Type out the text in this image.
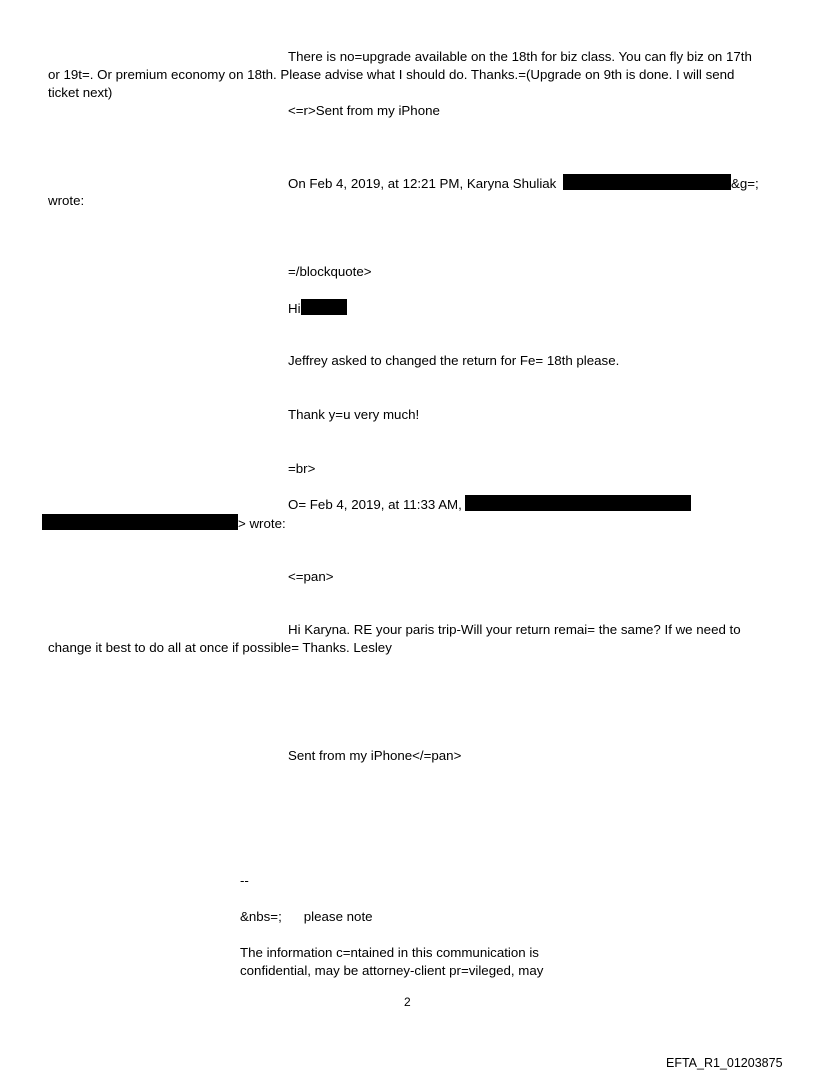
There is no=upgrade available on the 18th for biz class. You can fly biz on 17th
or 19t=. Or premium economy on 18th. Please advise what I should do. Thanks.=(Upgrade on 9th is done. I will send
ticket next)
<=r>Sent from my iPhone
On Feb 4, 2019, at 12:21 PM, Karyna Shuliak	&g=;
wrote:
=/blockquote>
Hi
Jeffrey asked to changed the return for Fe= 18th please.
Thank y=u very much!
=br>
O= Feb 4, 2019, at 11:33 AM,
> wrote:
<=pan>
Hi Karyna. RE your paris trip-Will your return remai= the same? If we need to
change it best to do all at once if possible= Thanks. Lesley
Sent from my iPhone</=pan>
--
&nbs=; please note
The information c=ntained in this communication is
confidential, may be attorney-client pr=vileged, may
2
EFTA_R1_01203875
